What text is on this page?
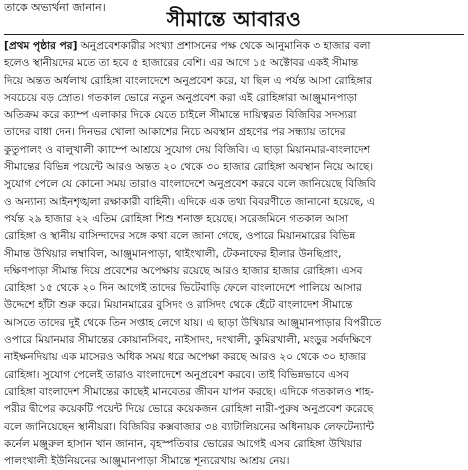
তাকে অভ্যর্থনা জানান।	সীমান্তে আবারও
[প্রথম পৃষ্ঠার পর] অনুপ্রবেশকারীর সংখ্যা প্রশাসনের পক্ষ থেকে আনুমানিক ৩ হাজার বলা
হলেও স্থানীয়দের মতে তা হবে ৫ হাজারের বেশি। এর আগে ১৫ অক্টোবর একই সীমান্ত
দিয়ে অন্তত অর্ধলাখ রোহিঙ্গা বাংলাদেশে অনুপ্রবেশ করে, যা ছিল এ পর্যন্ত আসা রোহিঙ্গার
সবচেয়ে বড় স্রোত। গতকাল ভোরে নতুন অনুপ্রবেশ করা এই রোহিঙ্গারা আঞ্জুমানপাড়া
অতিক্রম করে ক্যাম্প এলাকার দিকে যেতে চাইলে সীমান্তে দায়িত্বরত বিজিবির সদস্যরা
তাদের বাধা দেন। দিনভর খোলা আকাশের নিচে অবস্থান গ্রহণের পর সন্ধ্যায় তাদের
কুতুপালং ও বালুখালী ক্যাম্পে আশ্রয়ে সুযোগ দেয় বিজিবি। এ ছাড়া মিয়ানমার-বাংলাদেশ
সীমান্তের বিভিন্ন পয়েন্টে আরও অন্তত ২০ থেকে ৩০ হাজার রোহিঙ্গা অবস্থান নিয়ে আছে।
সুযোগ পেলে যে কোনো সময় তারাও বাংলাদেশে অনুপ্রবেশ করবে বলে জানিয়েছে বিজিবি
ও অন্যান্য আইনশৃঙ্খলা রক্ষাকারী বাহিনী। এদিকে এক তথ্য বিবরণীতে জানানো হয়েছে, এ
পর্যন্ত ২৯ হাজার ২২ এতিম রোহিঙ্গা শিশু শনাক্ত হয়েছে। সরেজমিনে গতকাল আসা
রোহিঙ্গা ও স্থানীয় বাসিন্দাদের সঙ্গে কথা বলে জানা গেছে, ওপারে মিয়ানমারের বিভিন্ন
সীমান্ত উখিয়ার লম্বাবিল, আঞ্জুমানপাড়া, থাইংখালী, টেকনাফের হীলার উনছিপ্রাং,
দক্ষিণপাড়া সীমান্ত দিয়ে প্রবেশের অপেক্ষায় রয়েছে আরও হাজার হাজার রোহিঙ্গা। এসব
রোহিঙ্গা ১৫ থেকে ২০ দিন আগেই তাদের ভিটেবাড়ি ফেলে বাংলাদেশে পালিয়ে আসার
উদ্দেশে হাঁটা শুরু করে। মিয়ানমারের বুসিদং ও রাসিদং থেকে হেঁটে বাংলাদেশ সীমান্তে
আসতে তাদের দুই থেকে তিন সপ্তাহ লেগে যায়। এ ছাড়া উখিয়ার আঞ্জুমানপাড়ার বিপরীতে
ওপারে মিয়ানমার সীমান্তের কোয়ানসিবং, নাইসাদং, দংখালী, কুমিরখালী, মংড়ুর সর্বদক্ষিণে
নাইক্ষনদিয়ায় এক মাসেরও অধিক সময় ধরে অপেক্ষা করছে আরও ২০ থেকে ৩০ হাজার
রোহিঙ্গা। সুযোগ পেলেই তারাও বাংলাদেশে অনুপ্রবেশ করবে। তাই বিভিন্নভাবে এসব
রোহিঙ্গা বাংলাদেশ সীমান্তের কাছেই মানবেতর জীবন যাপন করছে। এদিকে গতকালও শাহ-
পরীর দ্বীপের কয়েকটি পয়েন্ট দিয়ে ভোরে কয়েকজন রোহিঙ্গা নারী-পুরুষ অনুপ্রবেশ করেছে
বলে জানিয়েছেন স্থানীয়রা। বিজিবির কক্সবাজার ৩৪ ব্যাটালিয়নের অধিনায়ক লেফটেন্যান্ট
কর্নেল মঞ্জুরুল হাসান খান জানান, বৃহস্পতিবার ভোরের আগেই এসব রোহিঙ্গা উখিয়ার
পালংখালী ইউনিয়নের আঞ্জুমানপাড়া সীমান্তে শূন্যরেখায় আশ্রয় নেয়।
